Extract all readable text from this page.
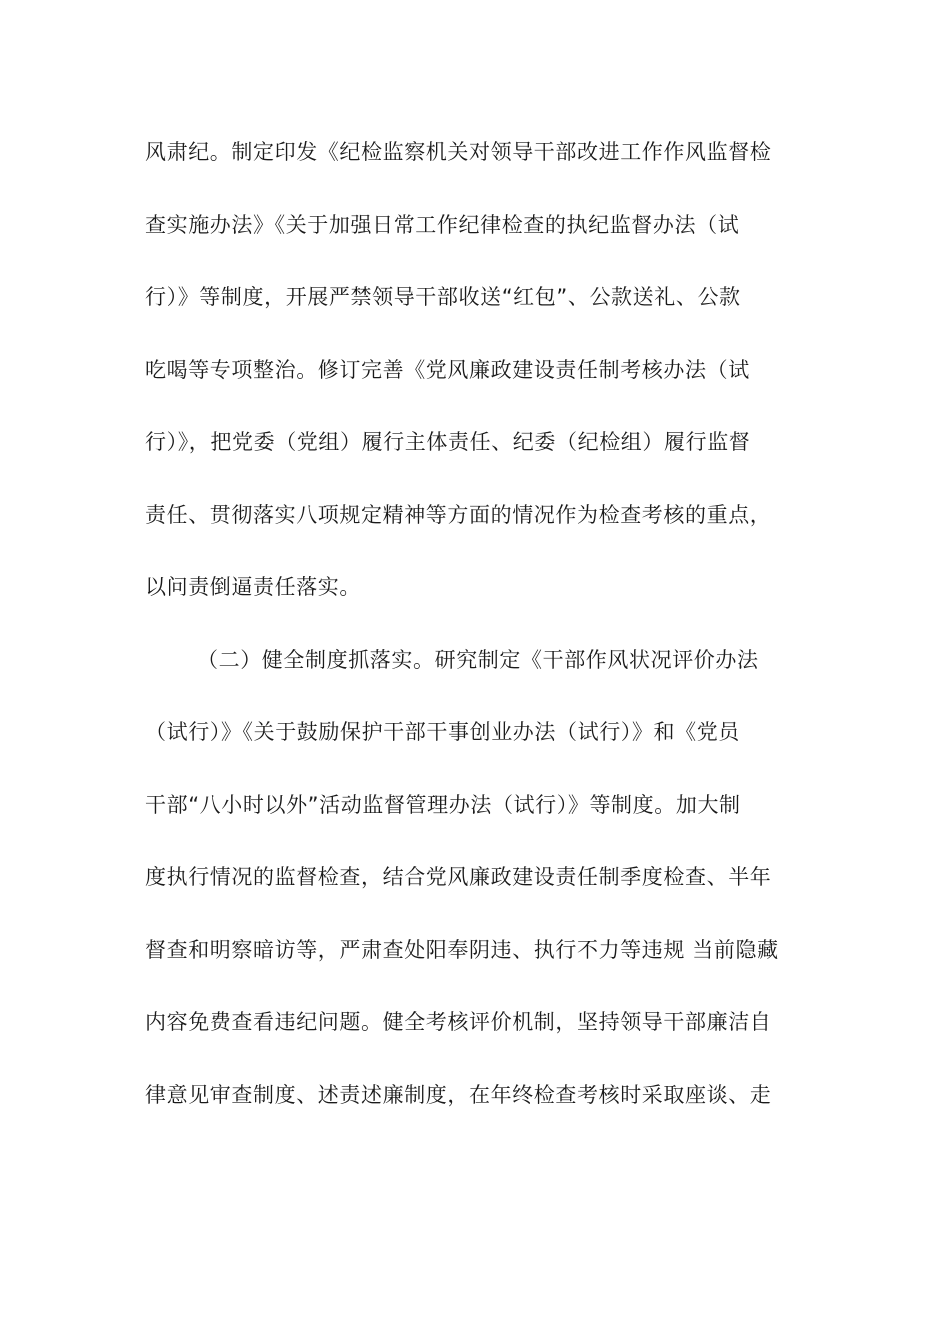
风肃纪。制定印发《纪检监察机关对领导干部改进工作作风监督检
查实施办法》《关于加强日常工作纪律检查的执纪监督办法（试
行）》等制度，开展严禁领导干部收送“红包”、公款送礼、公款
吃喝等专项整治。修订完善《党风廉政建设责任制考核办法（试
行）》，把党委（党组）履行主体责任、纪委（纪检组）履行监督
责任、贯彻落实八项规定精神等方面的情况作为检查考核的重点，
以问责倒逼责任落实。
（二）健全制度抓落实。研究制定《干部作风状况评价办法
（试行）》《关于鼓励保护干部干事创业办法（试行）》和《党员
干部“八小时以外”活动监督管理办法（试行）》等制度。加大制
度执行情况的监督检查，结合党风廉政建设责任制季度检查、半年
督查和明察暗访等，严肃查处阳奉阴违、执行不力等违规 当前隐藏
内容免费查看违纪问题。健全考核评价机制，坚持领导干部廉洁自
律意见审查制度、述责述廉制度，在年终检查考核时采取座谈、走
